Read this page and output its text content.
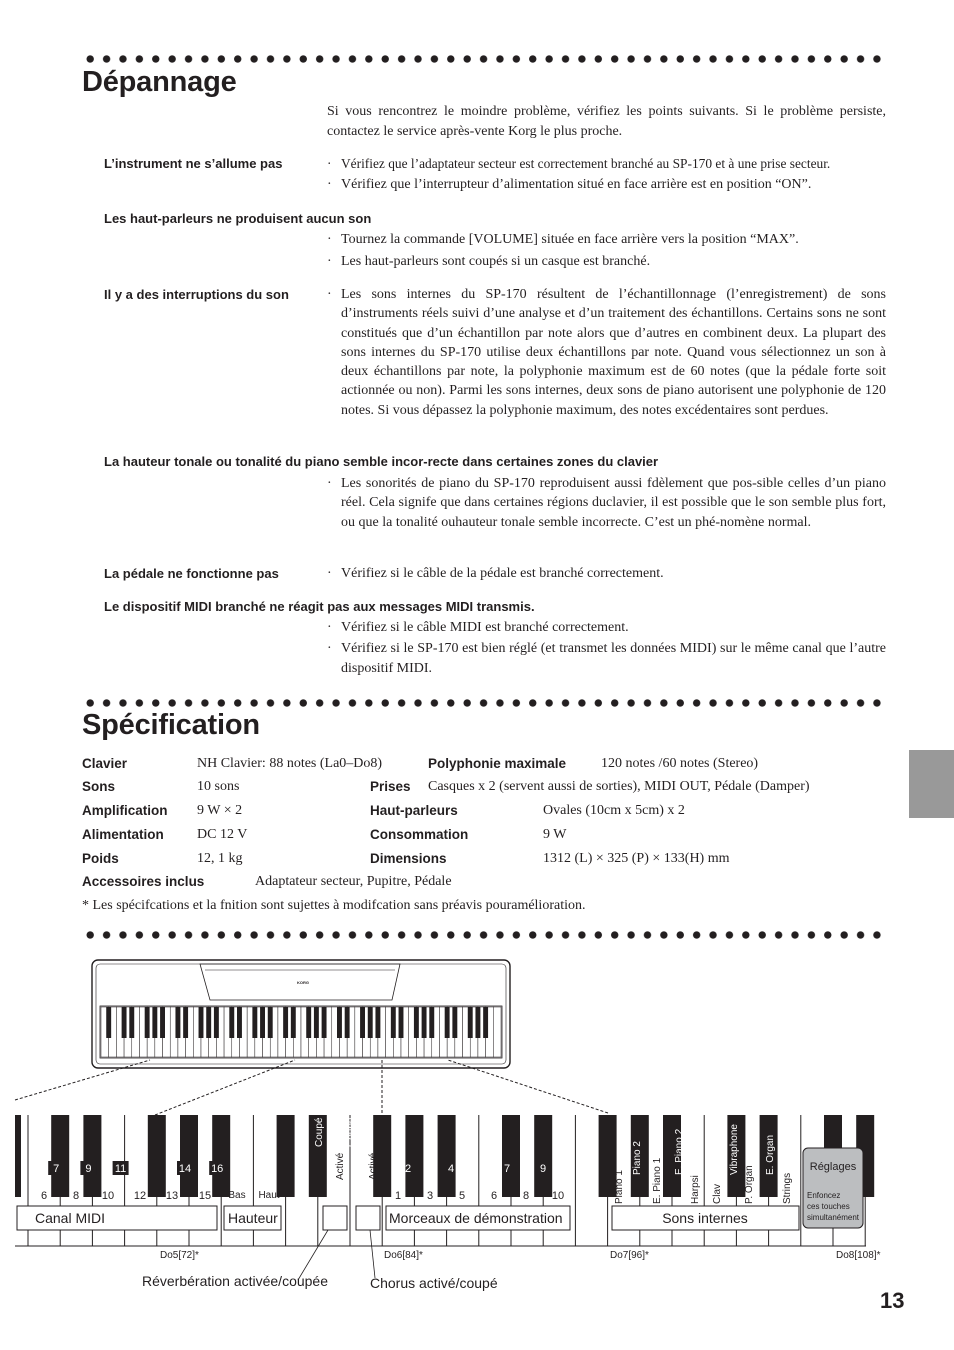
Dépannage
Si vous rencontrez le moindre problème, vérifiez les points suivants. Si le problème persiste, contactez le service après-vente Korg le plus proche.
L’instrument ne s’allume pas	· Vérifiez que l’adaptateur secteur est correctement branché au SP-170 et à une prise secteur.
· Vérifiez que l’interrupteur d’alimentation situé en face arrière est en position “ON”.
Les haut-parleurs ne produisent aucun son
· Tournez la commande [VOLUME] située en face arrière vers la position “MAX”.
· Les haut-parleurs sont coupés si un casque est branché.
Il y a des interruptions du son	· Les sons internes du SP-170 résultent de l’échantillonnage (l’enregistrement) de sons d’instruments réels suivi d’une analyse et d’un traitement des échantillons. Certains sons ne sont constitués que d’un échantillon par note alors que d’autres en combinent deux. La plupart des sons internes du SP-170 utilise deux échantillons par note. Quand vous sélectionnez un son à deux échantillons par note, la polyphonie maximum est de 60 notes (que la pédale forte soit actionnée ou non). Parmi les sons internes, deux sons de piano autorisent une polyphonie de 120 notes. Si vous dépassez la polyphonie maximum, des notes excédentaires sont perdues.
La hauteur tonale ou tonalité du piano semble incor-recte dans certaines zones du clavier
· Les sonorités de piano du SP-170 reproduisent aussi fdèlement que pos-sible celles d’un piano réel. Cela signife que dans certaines régions duclavier, il est possible que le son semble plus fort, ou que la tonalité ouhauteur tonale semble incorrecte. C’est un phé-nomène normal.
La pédale ne fonctionne pas	· Vérifiez si le câble de la pédale est branché correctement.
Le dispositif MIDI branché ne réagit pas aux messages MIDI transmis.
· Vérifiez si le câble MIDI est branché correctement.
· Vérifiez si le SP-170 est bien réglé (et transmet les données MIDI) sur le même canal que l’autre dispositif MIDI.
Spécification
Clavier	NH Clavier: 88 notes (La0–Do8)	Polyphonie maximale 120 notes /60 notes (Stereo)
Sons	10 sons	Prises Casques x 2 (servent aussi de sorties), MIDI OUT, Pédale (Damper)
Amplification 9 W × 2	Haut-parleurs	Ovales (10cm x 5cm) x 2
Alimentation DC 12 V	Consommation	9 W
Poids	12, 1 kg	Dimensions	1312 (L) × 325 (P) × 133(H) mm
Accessoires inclus	Adaptateur secteur, Pupitre, Pédale
* Les spécifcations et la fnition sont sujettes à modifcation sans préavis pouramélioration.
KORG
Réglages
Enfoncez
ces touches
simultanément
Canal MIDI	Hauteur	Morceaux de démonstration	Sons internes
Do5[72]*	Do6[84]*	Do7[96]*	Do8[108]*
Réverbération activée/coupée	Chorus activé/coupé
7 9 11	14 16
6 8 10 12 13 15 Bas Haut
Coupé
Activé
Coupé
Activé 2	4	7	9
1 3 5 6 8 10
Piano 2	E. Piano 2	Vibraphone	E. Organ
Piano 1	E. Piano 1	Harpsi Clav P. Organ	Strings
13
